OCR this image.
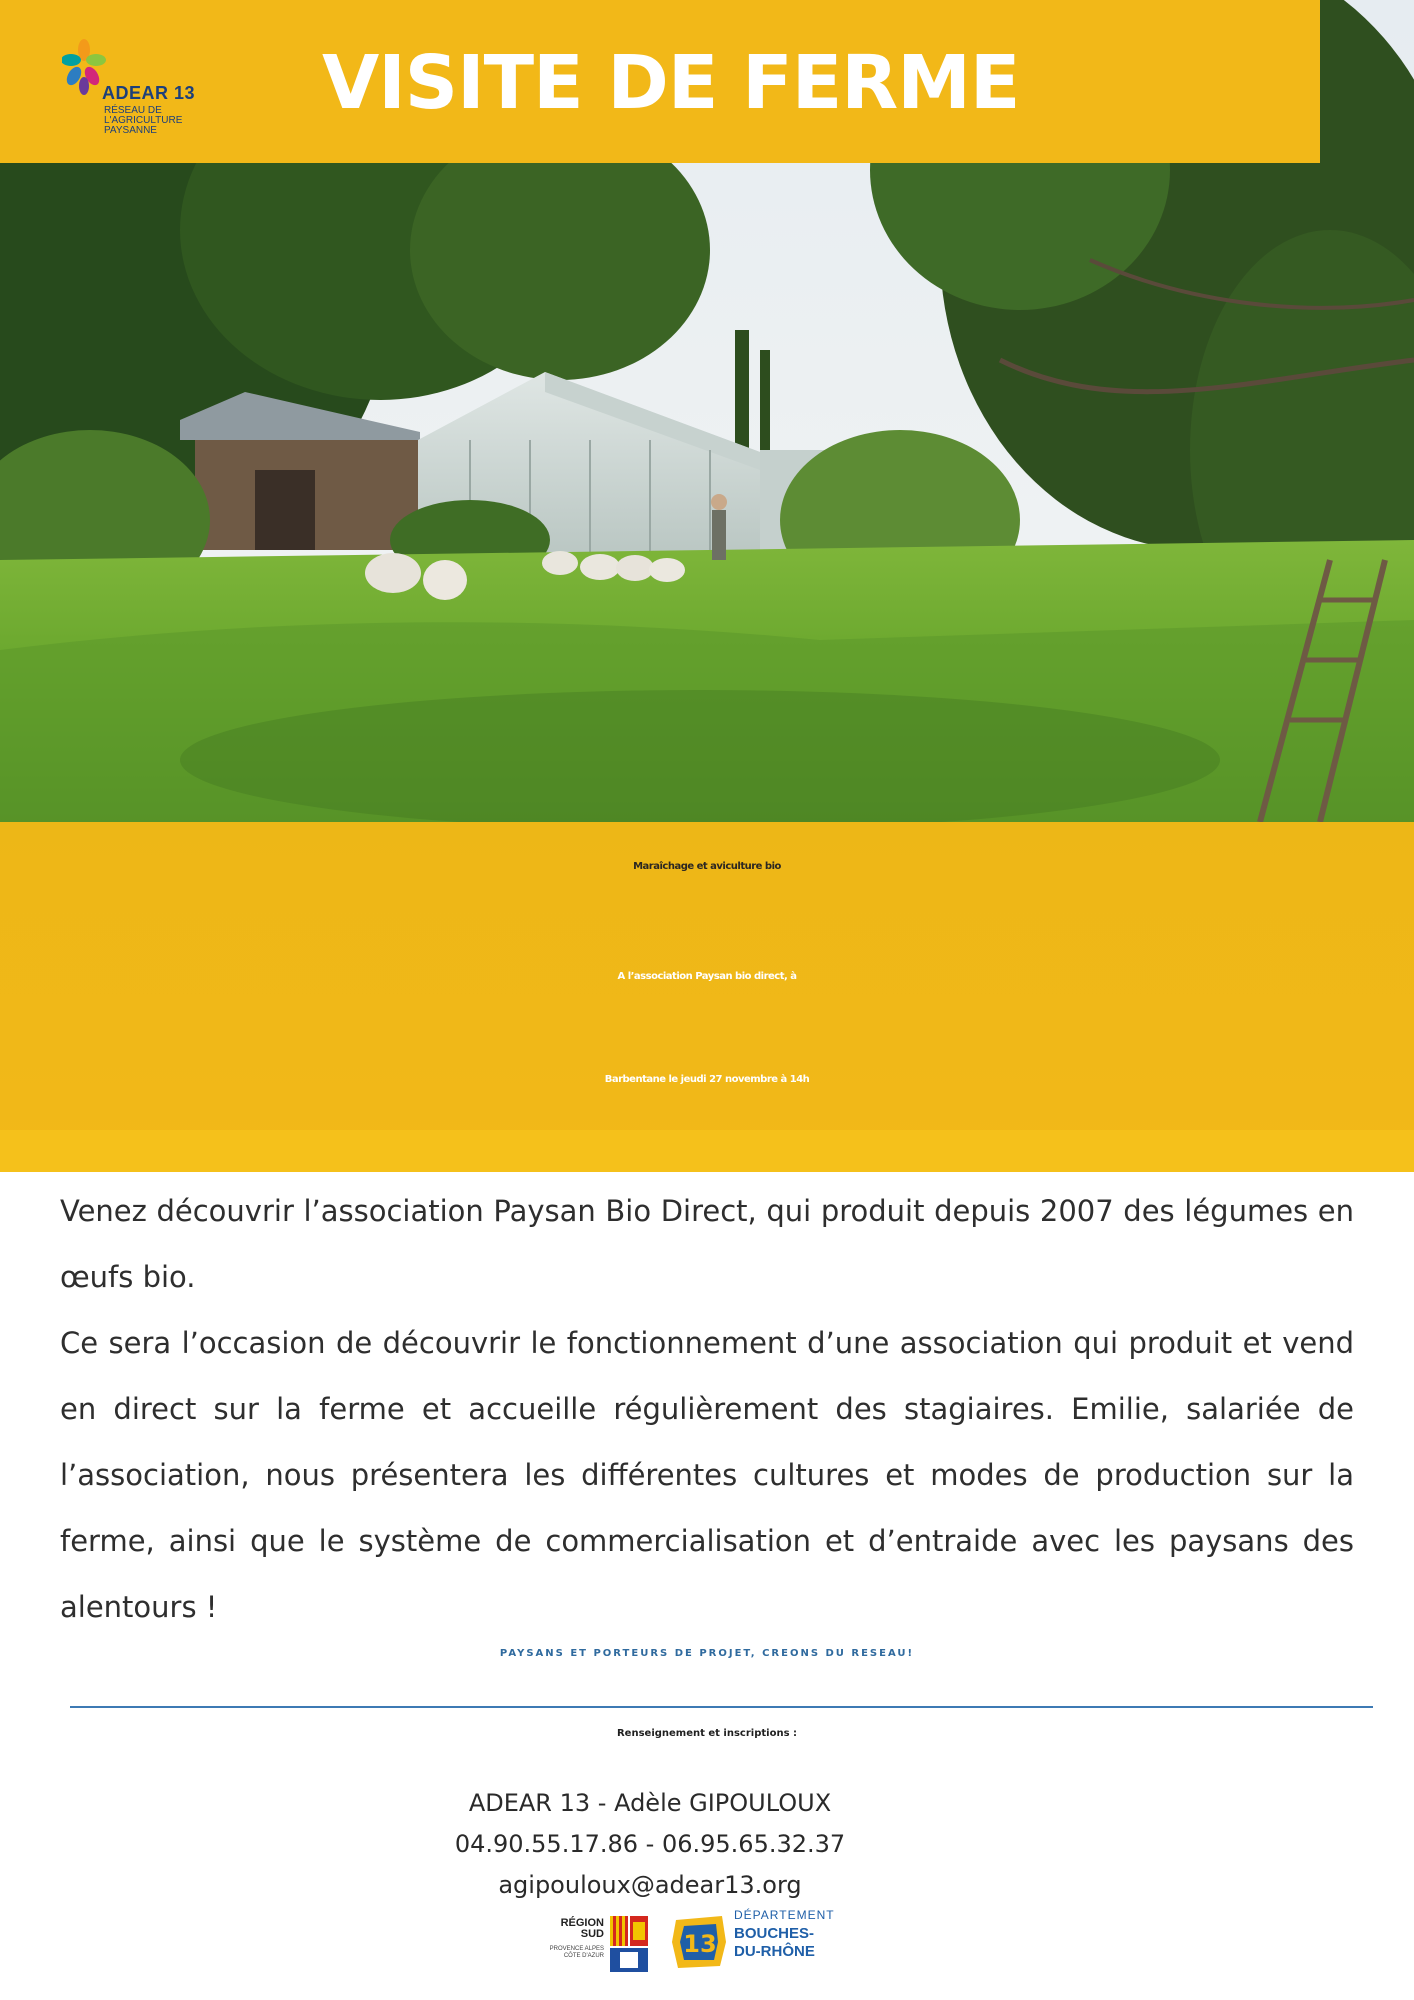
ADEAR 13
RÉSEAU DE L'AGRICULTURE PAYSANNE
VISITE DE FERME
Maraîchage et aviculture bio
A l’association Paysan bio direct, à
Barbentane le jeudi 27 novembre à 14h

Venez découvrir l’association Paysan Bio Direct, qui produit depuis 2007 des légumes en œufs bio.

Ce sera l’occasion de découvrir le fonctionnement d’une association qui produit et vend en direct sur la ferme et accueille régulièrement des stagiaires. Emilie, salariée de l’association, nous présentera les différentes cultures et modes de production sur la ferme, ainsi que le système de commercialisation et d’entraide avec les paysans des alentours !

PAYSANS ET PORTEURS DE PROJET, CREONS DU RESEAU!
Renseignement et inscriptions :
ADEAR 13 - Adèle GIPOULOUX
04.90.55.17.86 - 06.95.65.32.37
agipouloux@adear13.org
RÉGION
SUD
PROVENCE ALPES CÔTE D'AZUR	13
DÉPARTEMENT
BOUCHES-
DU-RHÔNE
